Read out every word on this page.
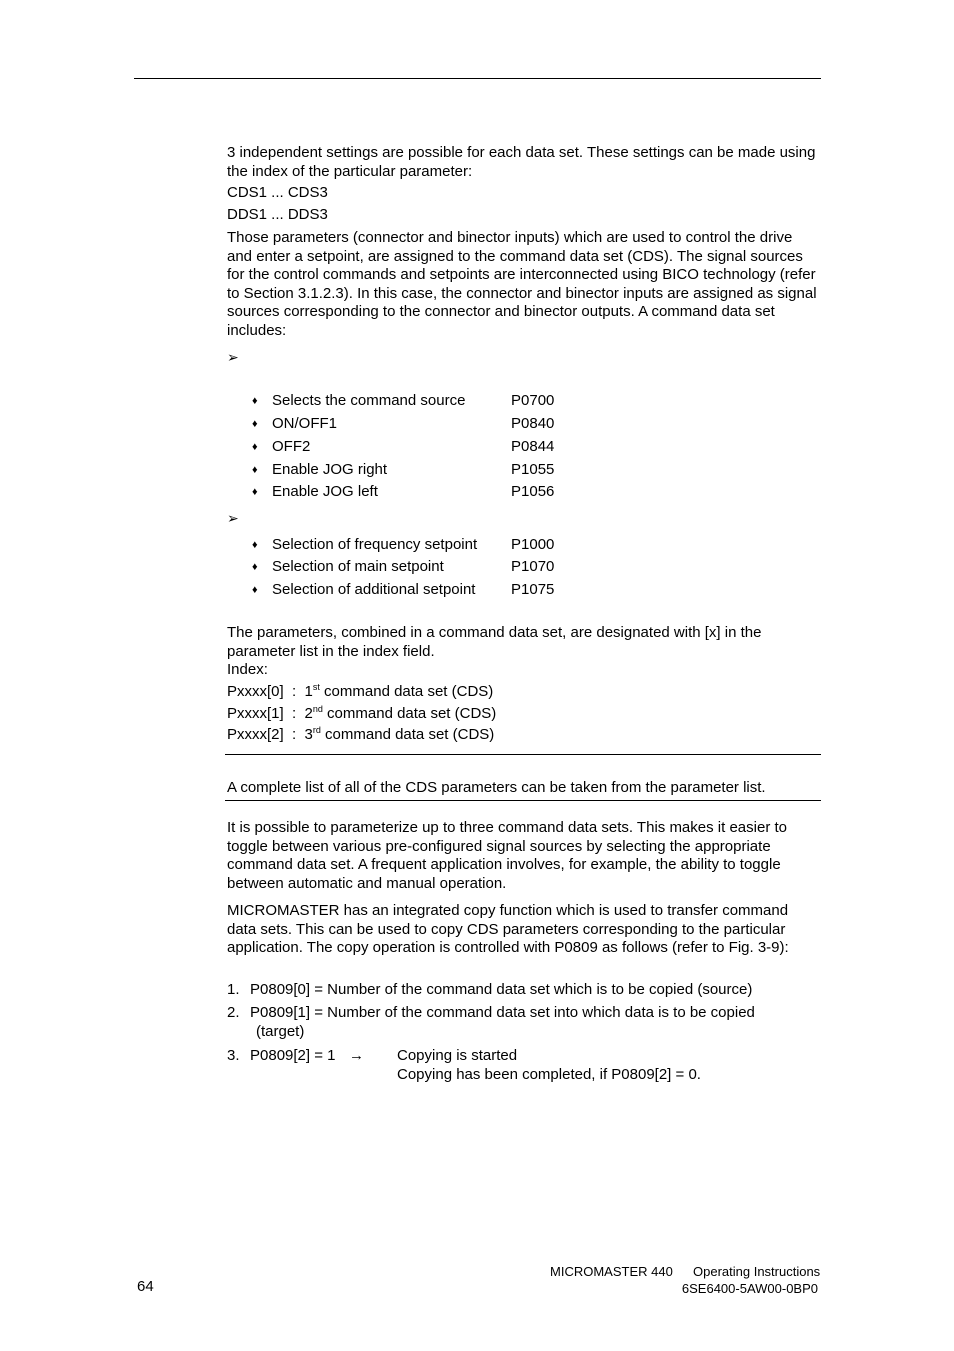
3 independent settings are possible for each data set. These settings can be made using the index of the particular parameter:

CDS1 ... CDS3
DDS1 ... DDS3

Those parameters (connector and binector inputs) which are used to control the drive and enter a setpoint, are assigned to the command data set (CDS). The signal sources for the control commands and setpoints are interconnected using BICO technology (refer to Section 3.1.2.3). In this case, the connector and binector inputs are assigned as signal sources corresponding to the connector and binector outputs. A command data set includes:

➢
♦ Selects the command source	P0700
♦ ON/OFF1	P0840
♦ OFF2	P0844
♦ Enable JOG right	P1055
♦ Enable JOG left	P1056
➢
♦ Selection of frequency setpoint P1000
♦ Selection of main setpoint	P1070
♦ Selection of additional setpoint P1075

The parameters, combined in a command data set, are designated with [x] in the parameter list in the index field.

Index:
Pxxxx[0]  :  1st command data set (CDS)
Pxxxx[1]  :  2nd command data set (CDS)
Pxxxx[2]  :  3rd command data set (CDS)
A complete list of all of the CDS parameters can be taken from the parameter list.

It is possible to parameterize up to three command data sets. This makes it easier to toggle between various pre-configured signal sources by selecting the appropriate command data set. A frequent application involves, for example, the ability to toggle between automatic and manual operation.

MICROMASTER has an integrated copy function which is used to transfer command data sets. This can be used to copy CDS parameters corresponding to the particular application. The copy operation is controlled with P0809 as follows (refer to Fig. 3-9):

1. P0809[0] = Number of the command data set which is to be copied (source)
2. P0809[1] = Number of the command data set into which data is to be copied
(target)
3. P0809[2] = 1 → Copying is started
Copying has been completed, if P0809[2] = 0.
64
MICROMASTER 440 Operating Instructions
6SE6400-5AW00-0BP0
